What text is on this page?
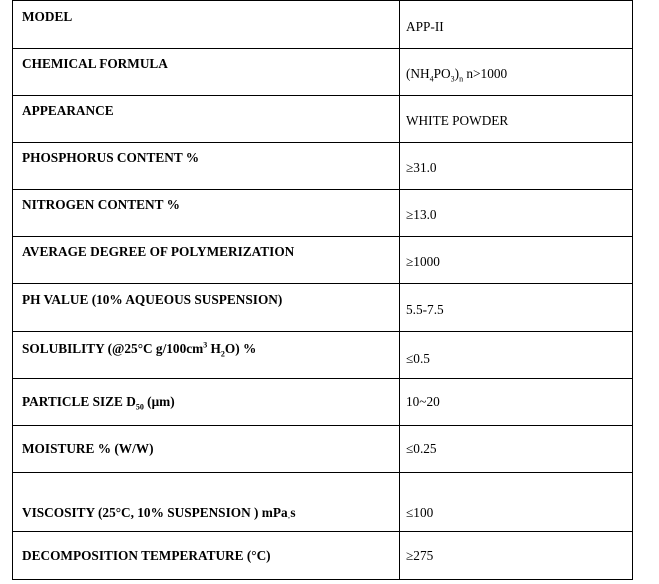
MODEL	APP-II

CHEMICAL FORMULA	$(NH_4PO_3)_n$ n>1000

APPEARANCE	WHITE POWDER

PHOSPHORUS CONTENT %	≥31.0

NITROGEN CONTENT %	≥13.0

AVERAGE DEGREE OF POLYMERIZATION	≥1000

PH VALUE (10% AQUEOUS SUSPENSION)	5.5-7.5

SOLUBILITY (@25°C $g/100cm^3$ $H_2O$) %	≤0.5

PARTICLE SIZE $D_{50}$ (μm)	10~20

MOISTURE % (W/W)	≤0.25

VISCOSITY (25°C, 10% SUSPENSION ) mPa$_\cdot$s	≤100

DECOMPOSITION TEMPERATURE (°C)	≥275
